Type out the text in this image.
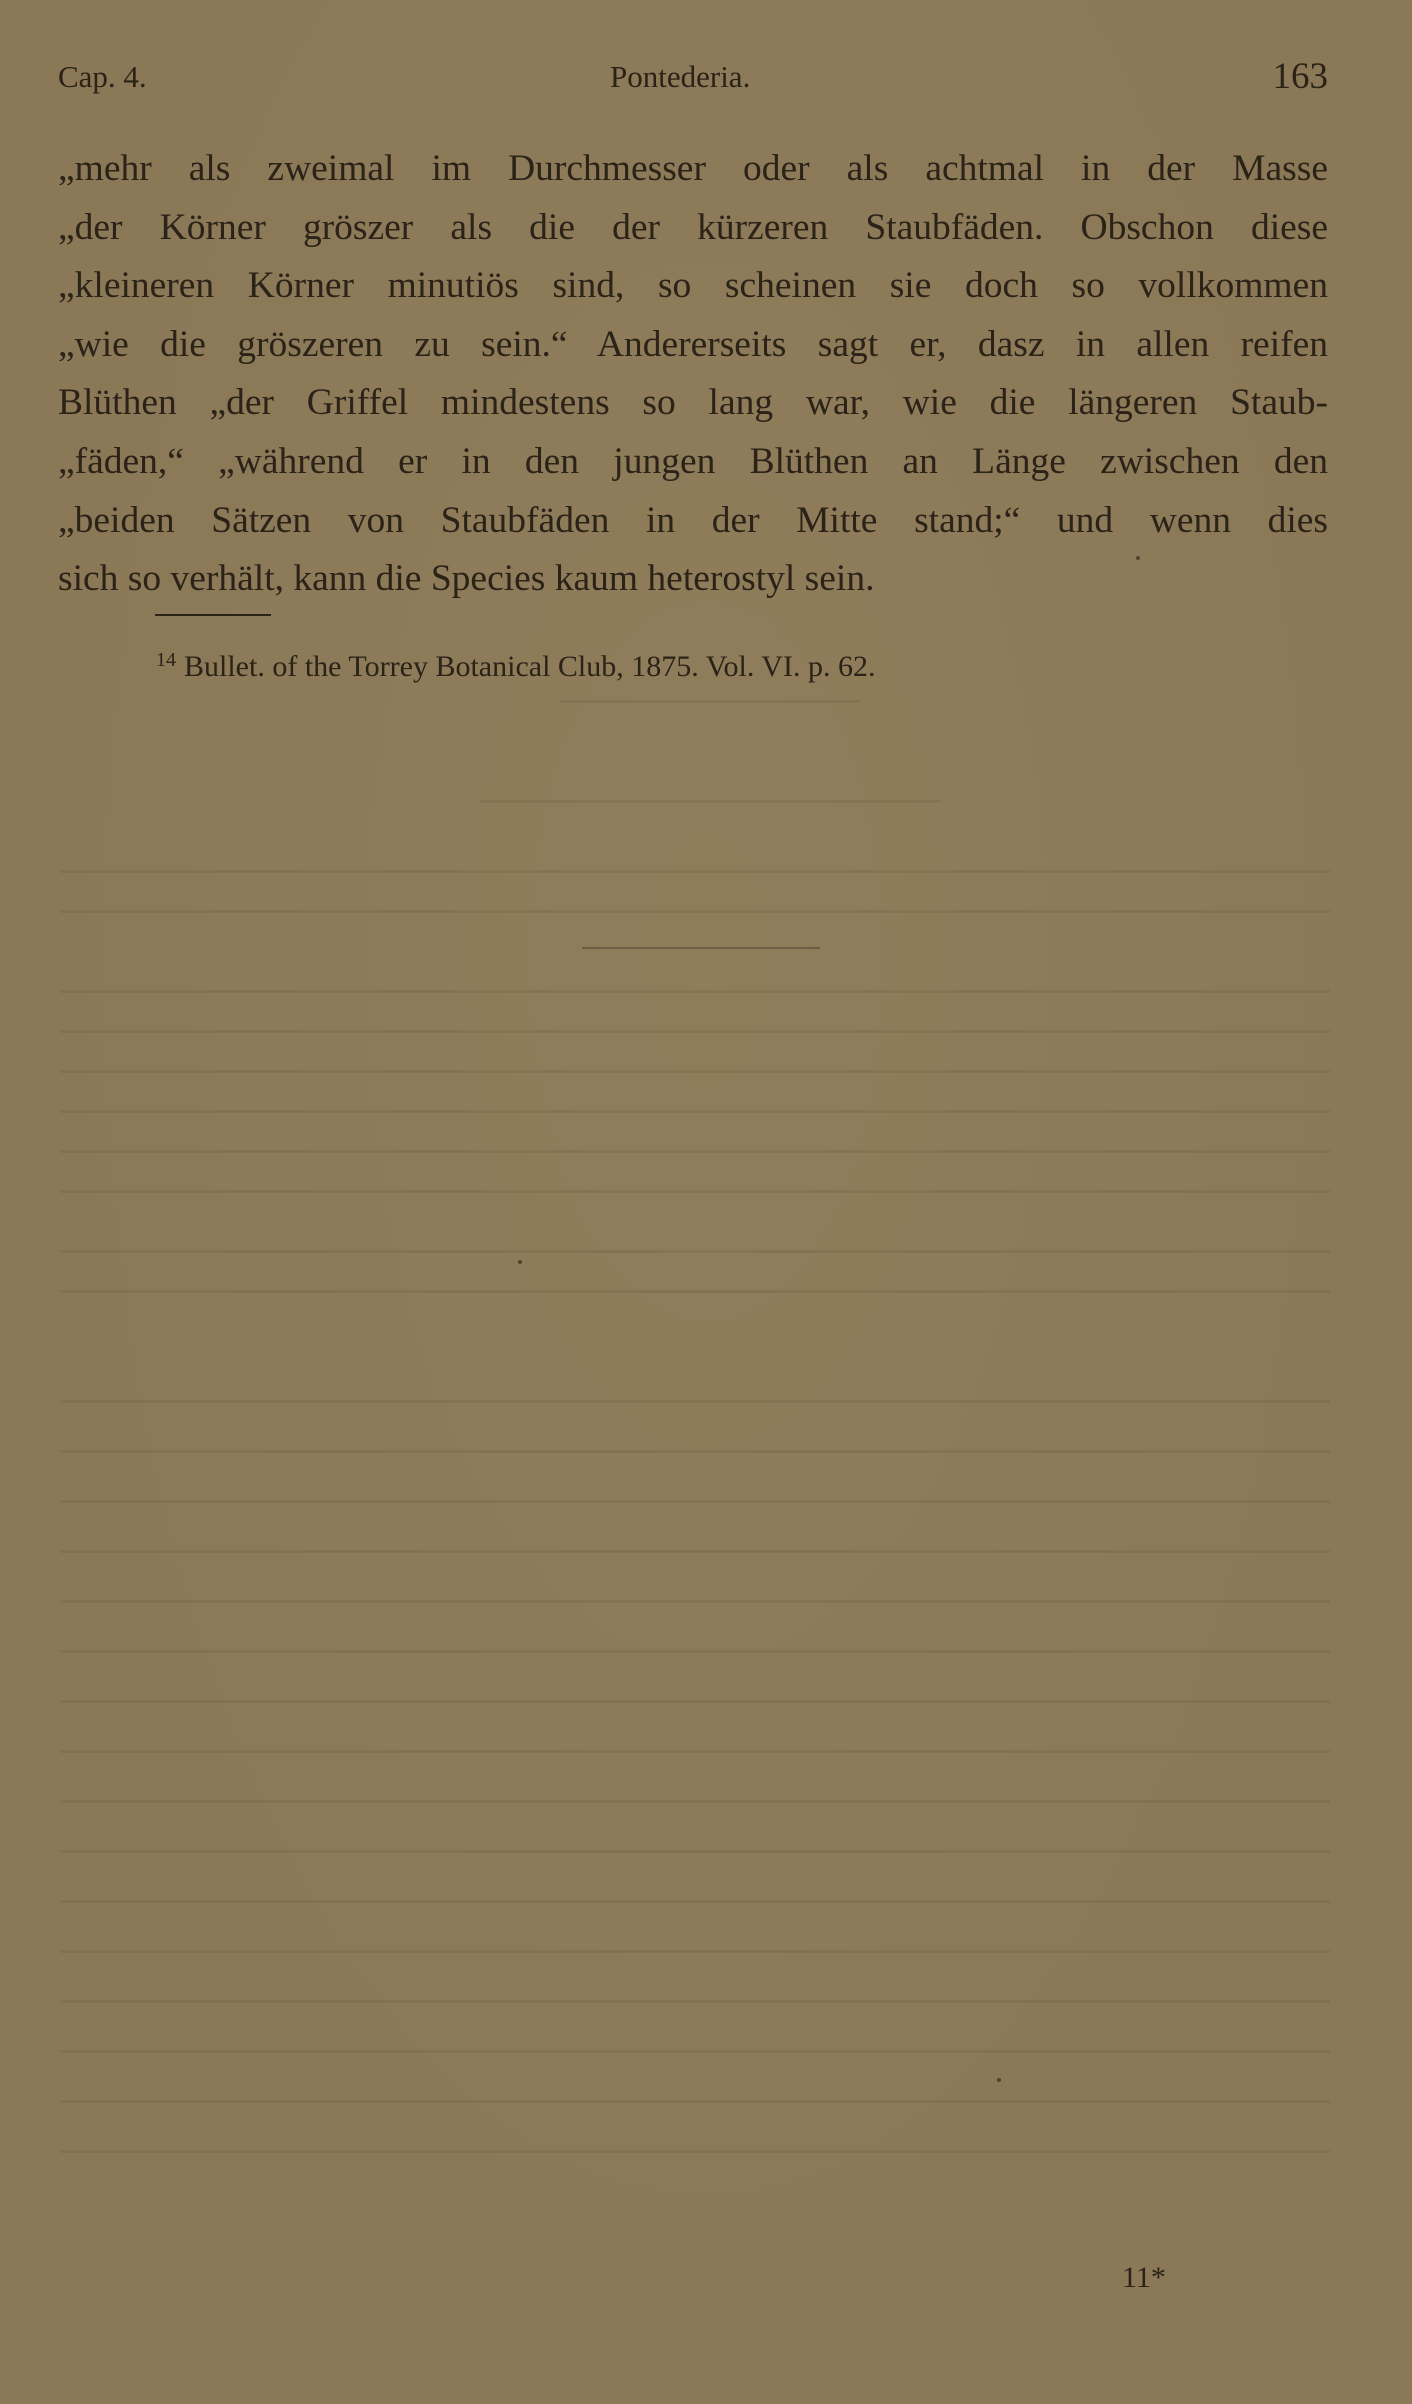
Cap. 4.	Pontederia.	163
„mehr als zweimal im Durchmesser oder als achtmal in der Masse
„der Körner gröszer als die der kürzeren Staubfäden. Obschon diese
„kleineren Körner minutiös sind, so scheinen sie doch so vollkommen
„wie die gröszeren zu sein.“ Andererseits sagt er, dasz in allen reifen
Blüthen „der Griffel mindestens so lang war, wie die längeren Staub-
„fäden,“ „während er in den jungen Blüthen an Länge zwischen den
„beiden Sätzen von Staubfäden in der Mitte stand;“ und wenn dies
sich so verhält, kann die Species kaum heterostyl sein.
$^{14}$ Bullet. of the Torrey Botanical Club, 1875. Vol. VI. p. 62.
11*
